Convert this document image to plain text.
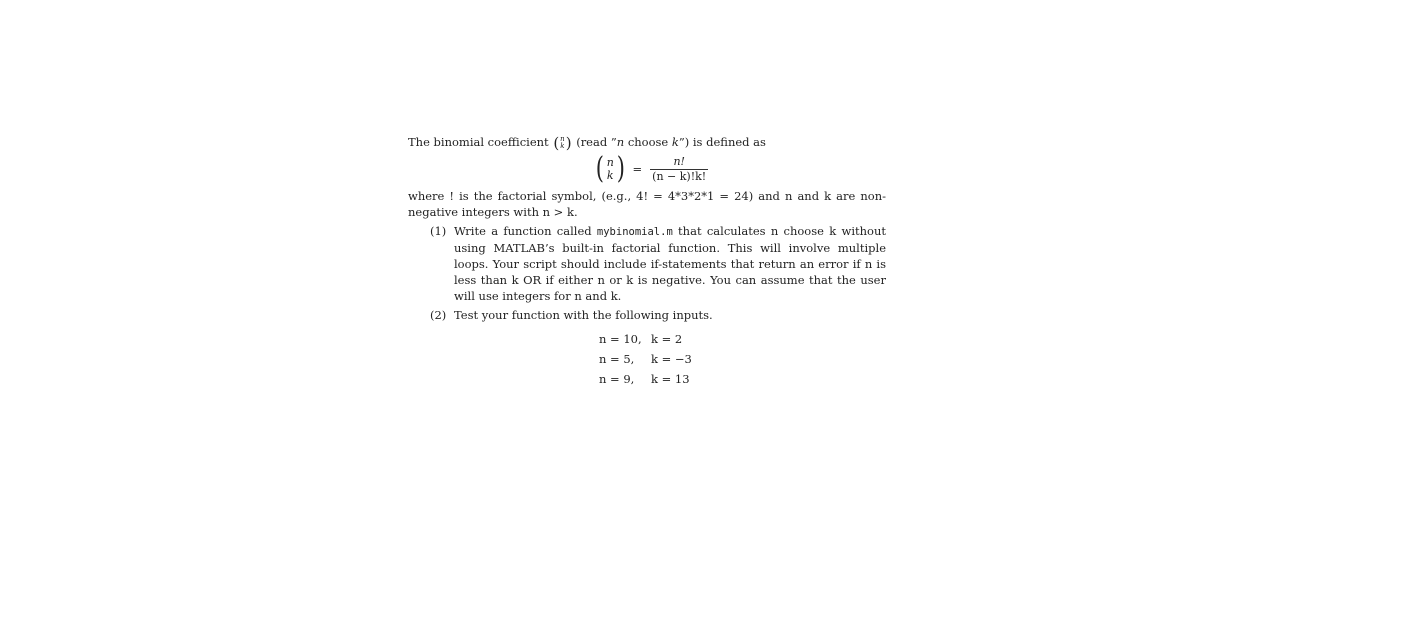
The binomial coefficient ( n
k ) (read ”n choose k”) is defined as
( n
k ) = $\frac{n!}{(n - k)!k!}$
where ! is the factorial symbol, (e.g., 4! = 4*3*2*1 = 24) and n and k are non-
negative integers with n > k.
(1) Write a function called mybinomial.m that calculates n choose k without
using MATLAB’s built-in factorial function. This will involve multiple
loops. Your script should include if-statements that return an error if n is
less than k OR if either n or k is negative. You can assume that the user
will use integers for n and k.
(2) Test your function with the following inputs.
n = 10, k = 2
n = 5, k = −3
n = 9, k = 13
